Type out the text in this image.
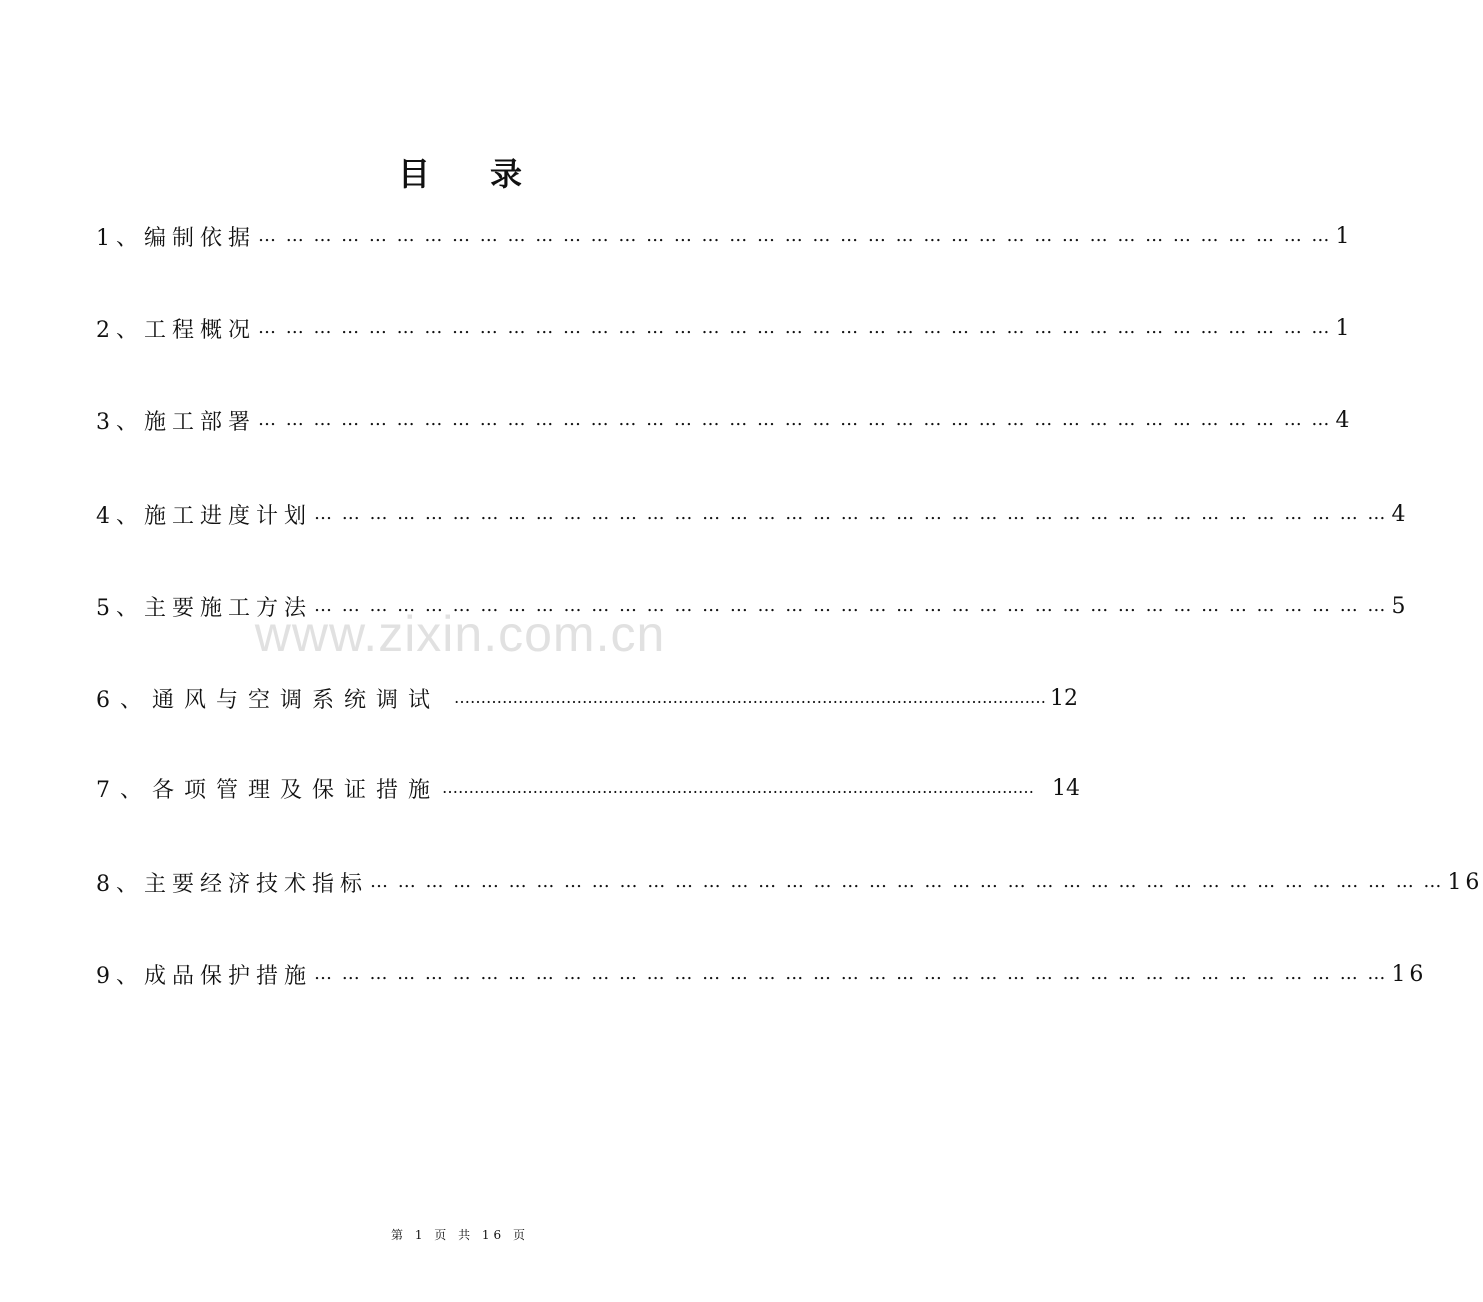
目录
1、编制依据 … … … … … … … … … … … … … … … … … … … … … … … … … … … … … … … … … … … … … … … 1
2、工程概况 … … … … … … … … … … … … … … … … … … … … … … … … … … … … … … … … … … … … … … … 1
3、施工部署 … … … … … … … … … … … … … … … … … … … … … … … … … … … … … … … … … … … … … … … 4
4、施工进度计划 … … … … … … … … … … … … … … … … … … … … … … … … … … … … … … … … … … … … … … … 4
5、主要施工方法 … … … … … … … … … … … … … … … … … … … … … … … … … … … … … … … … … … … … … … … 5
6、通风与空调系统调试 ………………………………………………………………………………………………… 12
7、各项管理及保证措施 ………………………………………………………………………………………………… 14
8、主要经济技术指标 … … … … … … … … … … … … … … … … … … … … … … … … … … … … … … … … … … … … … … … 16
9、成品保护措施 … … … … … … … … … … … … … … … … … … … … … … … … … … … … … … … … … … … … … … … 16
www.zixin.com.cn
第 1 页 共 16 页
